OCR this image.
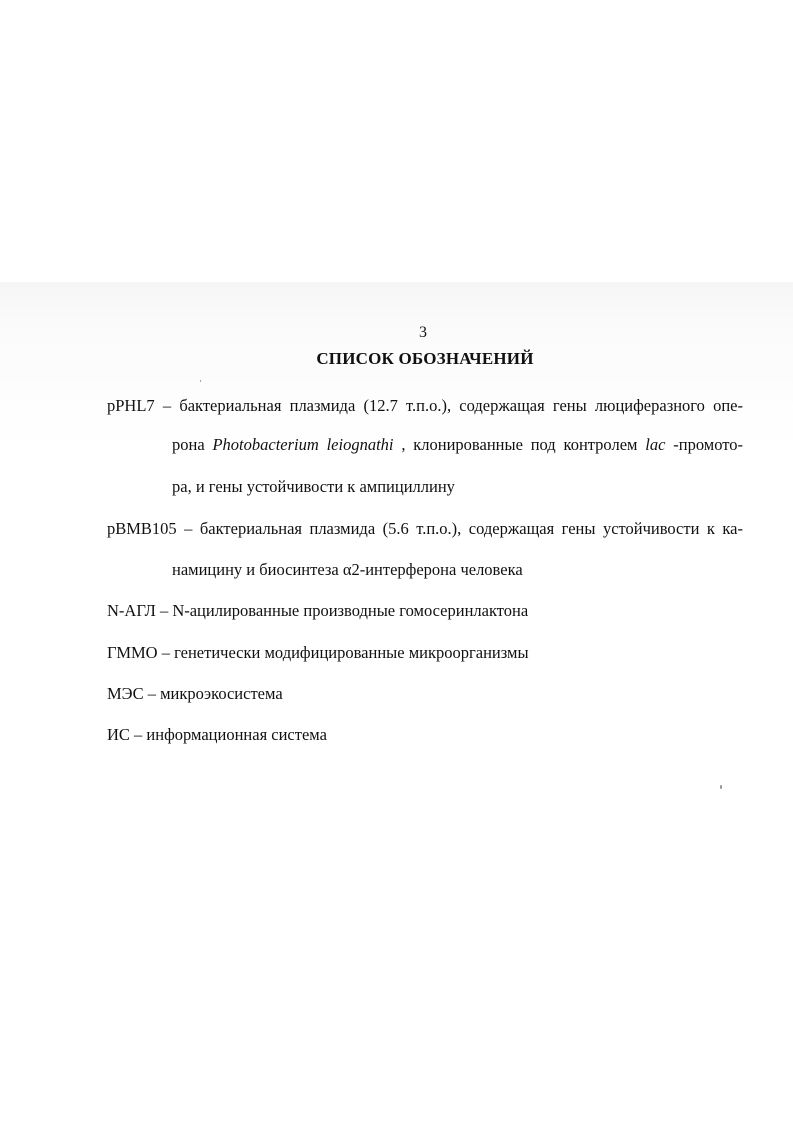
3
СПИСОК ОБОЗНАЧЕНИЙ
pPHL7 – бактериальная плазмида (12.7 т.п.о.), содержащая гены люциферазного опе-
рона Photobacterium leiognathi , клонированные под контролем lac -промото-
ра, и гены устойчивости к ампициллину
pBMB105 – бактериальная плазмида (5.6 т.п.о.), содержащая гены устойчивости к ка-
намицину и биосинтеза α2-интерферона человека
N-АГЛ – N-ацилированные производные гомосеринлактона
ГММО – генетически модифицированные микроорганизмы
МЭС – микроэкосистема
ИС – информационная система
